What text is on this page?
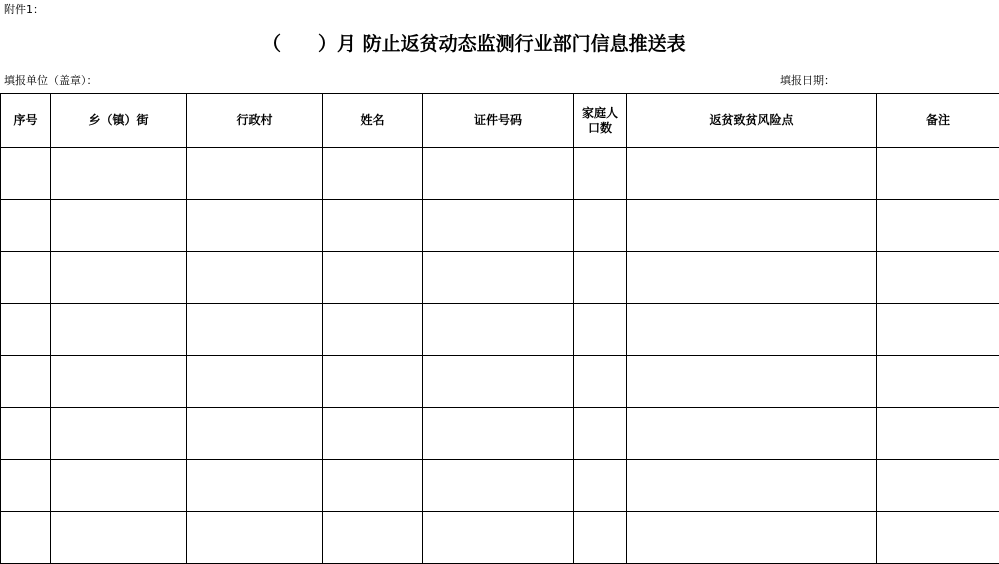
附件1：
（ ）月 防止返贫动态监测行业部门信息推送表
填报单位（盖章）：	填报日期：
序号	乡（镇）街	行政村	姓名	证件号码	家庭人口数	返贫致贫风险点	备注
